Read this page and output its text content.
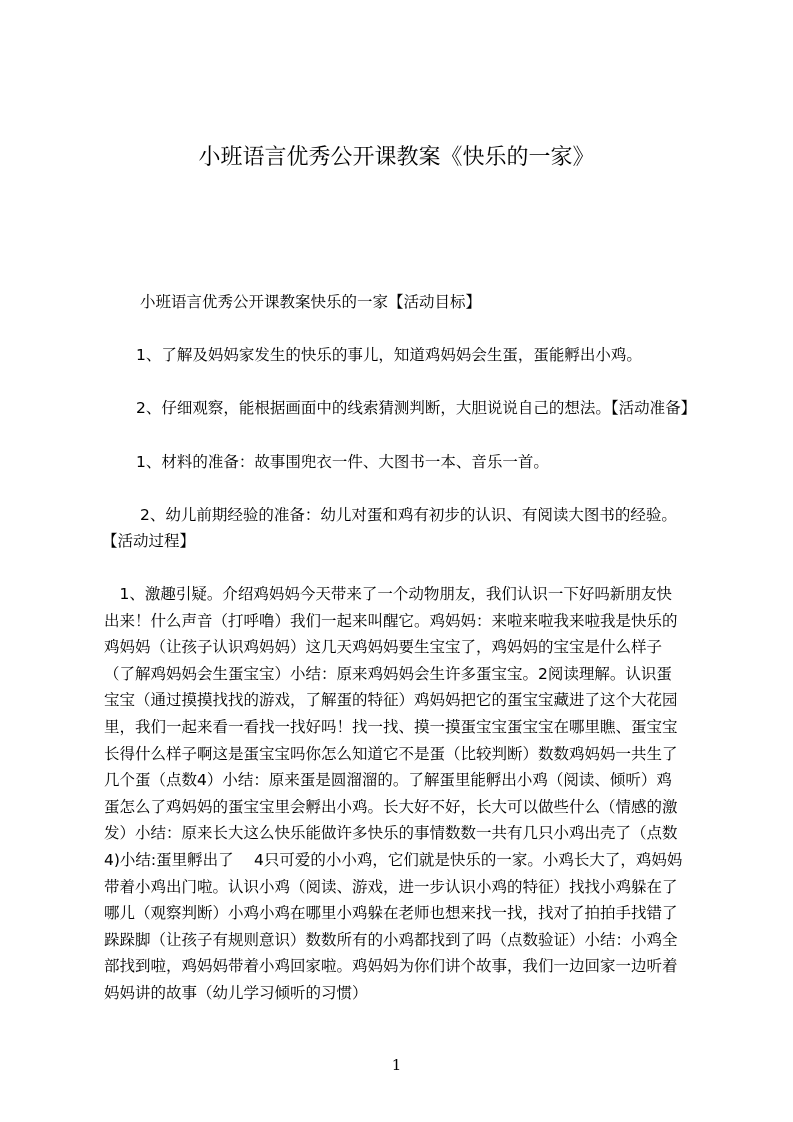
小班语言优秀公开课教案《快乐的一家》
小班语言优秀公开课教案快乐的一家【活动目标】
1、了解及妈妈家发生的快乐的事儿，知道鸡妈妈会生蛋，蛋能孵出小鸡。
2、仔细观察，能根据画面中的线索猜测判断，大胆说说自己的想法。【活动准备】
1、材料的准备：故事围兜衣一件、大图书一本、音乐一首。
2、幼儿前期经验的准备：幼儿对蛋和鸡有初步的认识、有阅读大图书的经验。
【活动过程】
　1、激趣引疑。介绍鸡妈妈今天带来了一个动物朋友，我们认识一下好吗新朋友快
出来！什么声音（打呼噜）我们一起来叫醒它。鸡妈妈：来啦来啦我来啦我是快乐的
鸡妈妈（让孩子认识鸡妈妈）这几天鸡妈妈要生宝宝了，鸡妈妈的宝宝是什么样子
（了解鸡妈妈会生蛋宝宝）小结：原来鸡妈妈会生许多蛋宝宝。2阅读理解。认识蛋
宝宝（通过摸摸找找的游戏，了解蛋的特征）鸡妈妈把它的蛋宝宝藏进了这个大花园
里，我们一起来看一看找一找好吗！找一找、摸一摸蛋宝宝蛋宝宝在哪里瞧、蛋宝宝
长得什么样子啊这是蛋宝宝吗你怎么知道它不是蛋（比较判断）数数鸡妈妈一共生了
几个蛋（点数4）小结：原来蛋是圆溜溜的。了解蛋里能孵出小鸡（阅读、倾听）鸡
蛋怎么了鸡妈妈的蛋宝宝里会孵出小鸡。长大好不好，长大可以做些什么（情感的激
发）小结：原来长大这么快乐能做许多快乐的事情数数一共有几只小鸡出壳了（点数
4)小结:蛋里孵出了　 4只可爱的小小鸡，它们就是快乐的一家。小鸡长大了，鸡妈妈
带着小鸡出门啦。认识小鸡（阅读、游戏，进一步认识小鸡的特征）找找小鸡躲在了
哪儿（观察判断）小鸡小鸡在哪里小鸡躲在老师也想来找一找，找对了拍拍手找错了
跺跺脚（让孩子有规则意识）数数所有的小鸡都找到了吗（点数验证）小结：小鸡全
部找到啦，鸡妈妈带着小鸡回家啦。鸡妈妈为你们讲个故事，我们一边回家一边听着
妈妈讲的故事（幼儿学习倾听的习惯）
1
